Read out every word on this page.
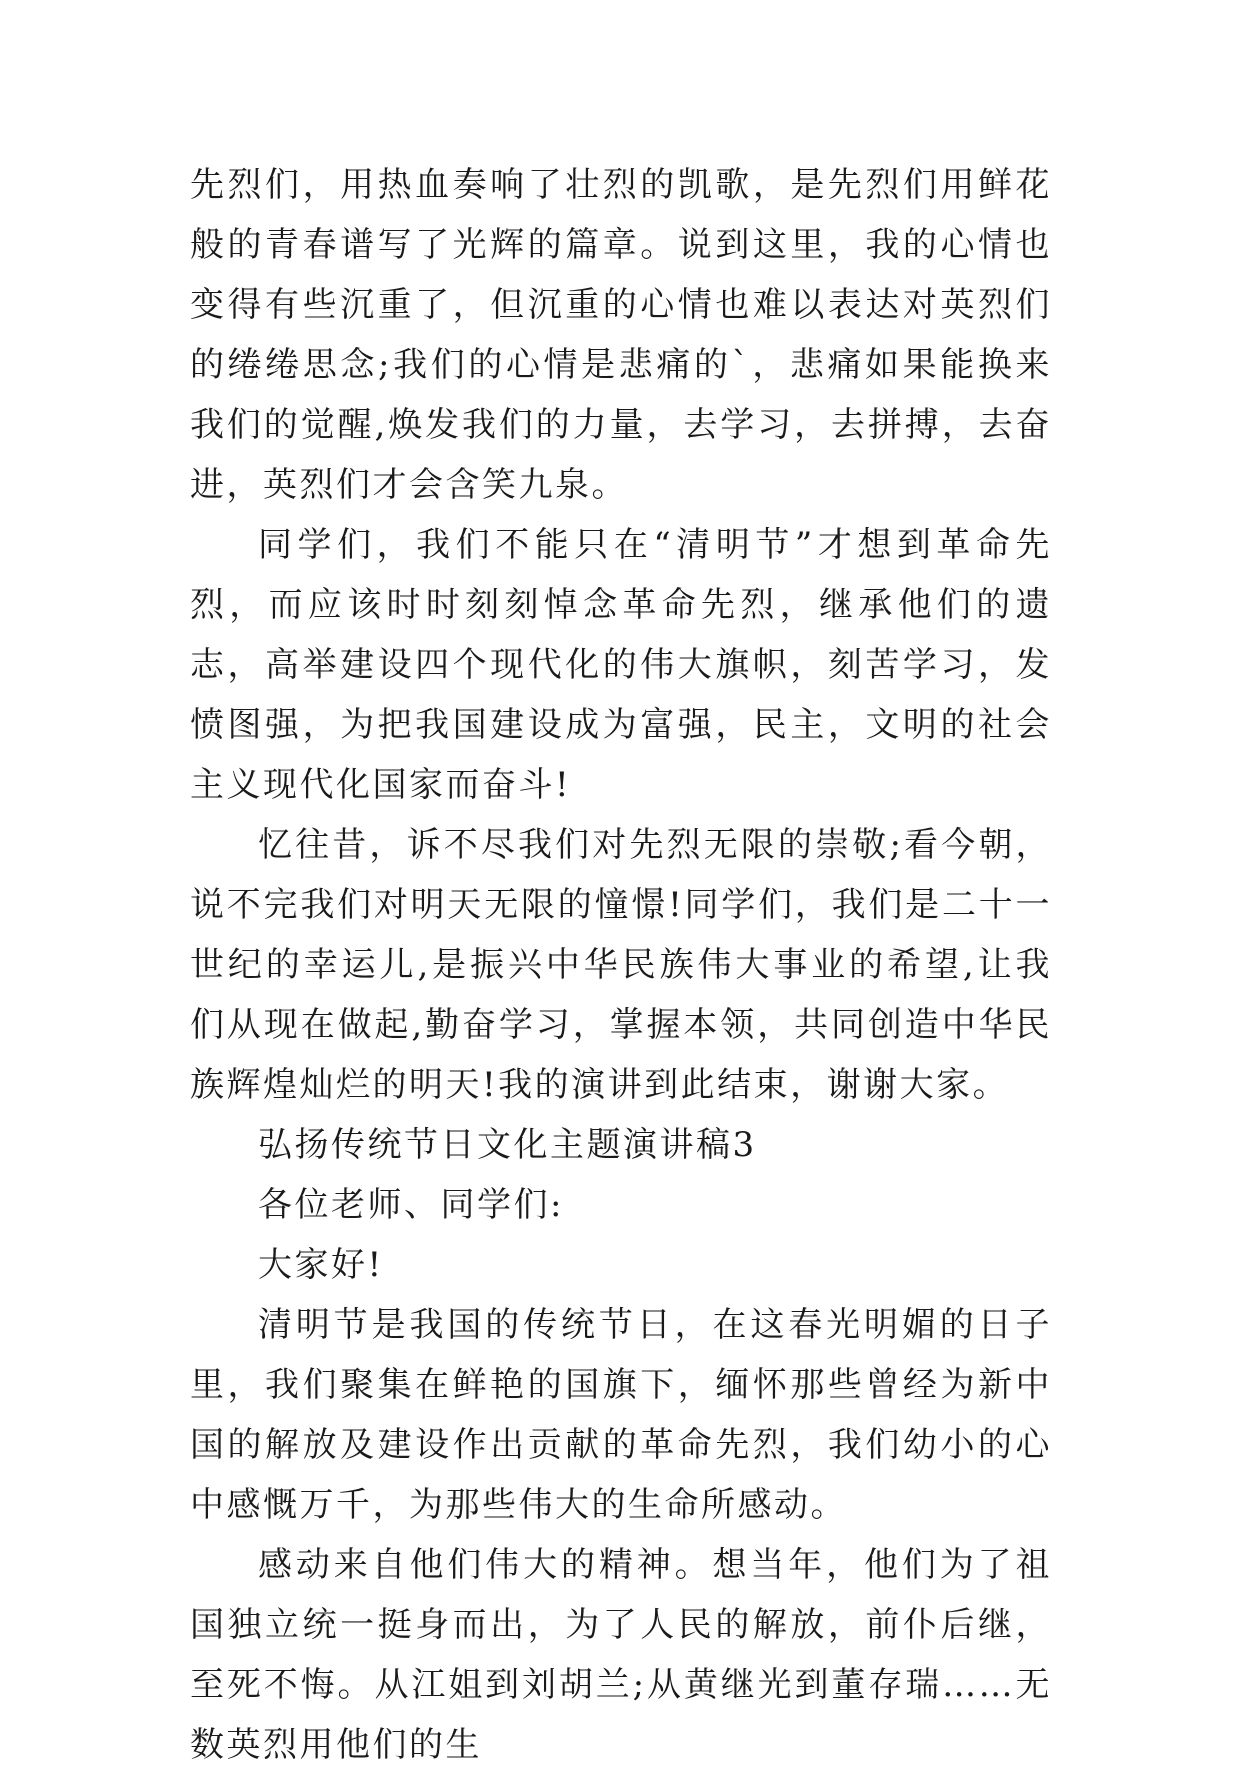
先烈们，用热血奏响了壮烈的凯歌，是先烈们用鲜花般的青春谱写了光辉的篇章。说到这里，我的心情也变得有些沉重了，但沉重的心情也难以表达对英烈们的绻绻思念;我们的心情是悲痛的`，悲痛如果能换来我们的觉醒,焕发我们的力量，去学习，去拼搏，去奋进，英烈们才会含笑九泉。

同学们，我们不能只在“清明节”才想到革命先烈，而应该时时刻刻悼念革命先烈，继承他们的遗志，高举建设四个现代化的伟大旗帜，刻苦学习，发愤图强，为把我国建设成为富强，民主，文明的社会主义现代化国家而奋斗!

忆往昔，诉不尽我们对先烈无限的崇敬;看今朝，说不完我们对明天无限的憧憬!同学们，我们是二十一世纪的幸运儿,是振兴中华民族伟大事业的希望,让我们从现在做起,勤奋学习，掌握本领，共同创造中华民族辉煌灿烂的明天!我的演讲到此结束，谢谢大家。

弘扬传统节日文化主题演讲稿3

各位老师、同学们:

大家好!

清明节是我国的传统节日，在这春光明媚的日子里，我们聚集在鲜艳的国旗下，缅怀那些曾经为新中国的解放及建设作出贡献的革命先烈，我们幼小的心中感慨万千，为那些伟大的生命所感动。

感动来自他们伟大的精神。想当年，他们为了祖国独立统一挺身而出，为了人民的解放，前仆后继，至死不悔。从江姐到刘胡兰;从黄继光到董存瑞……无数英烈用他们的生
